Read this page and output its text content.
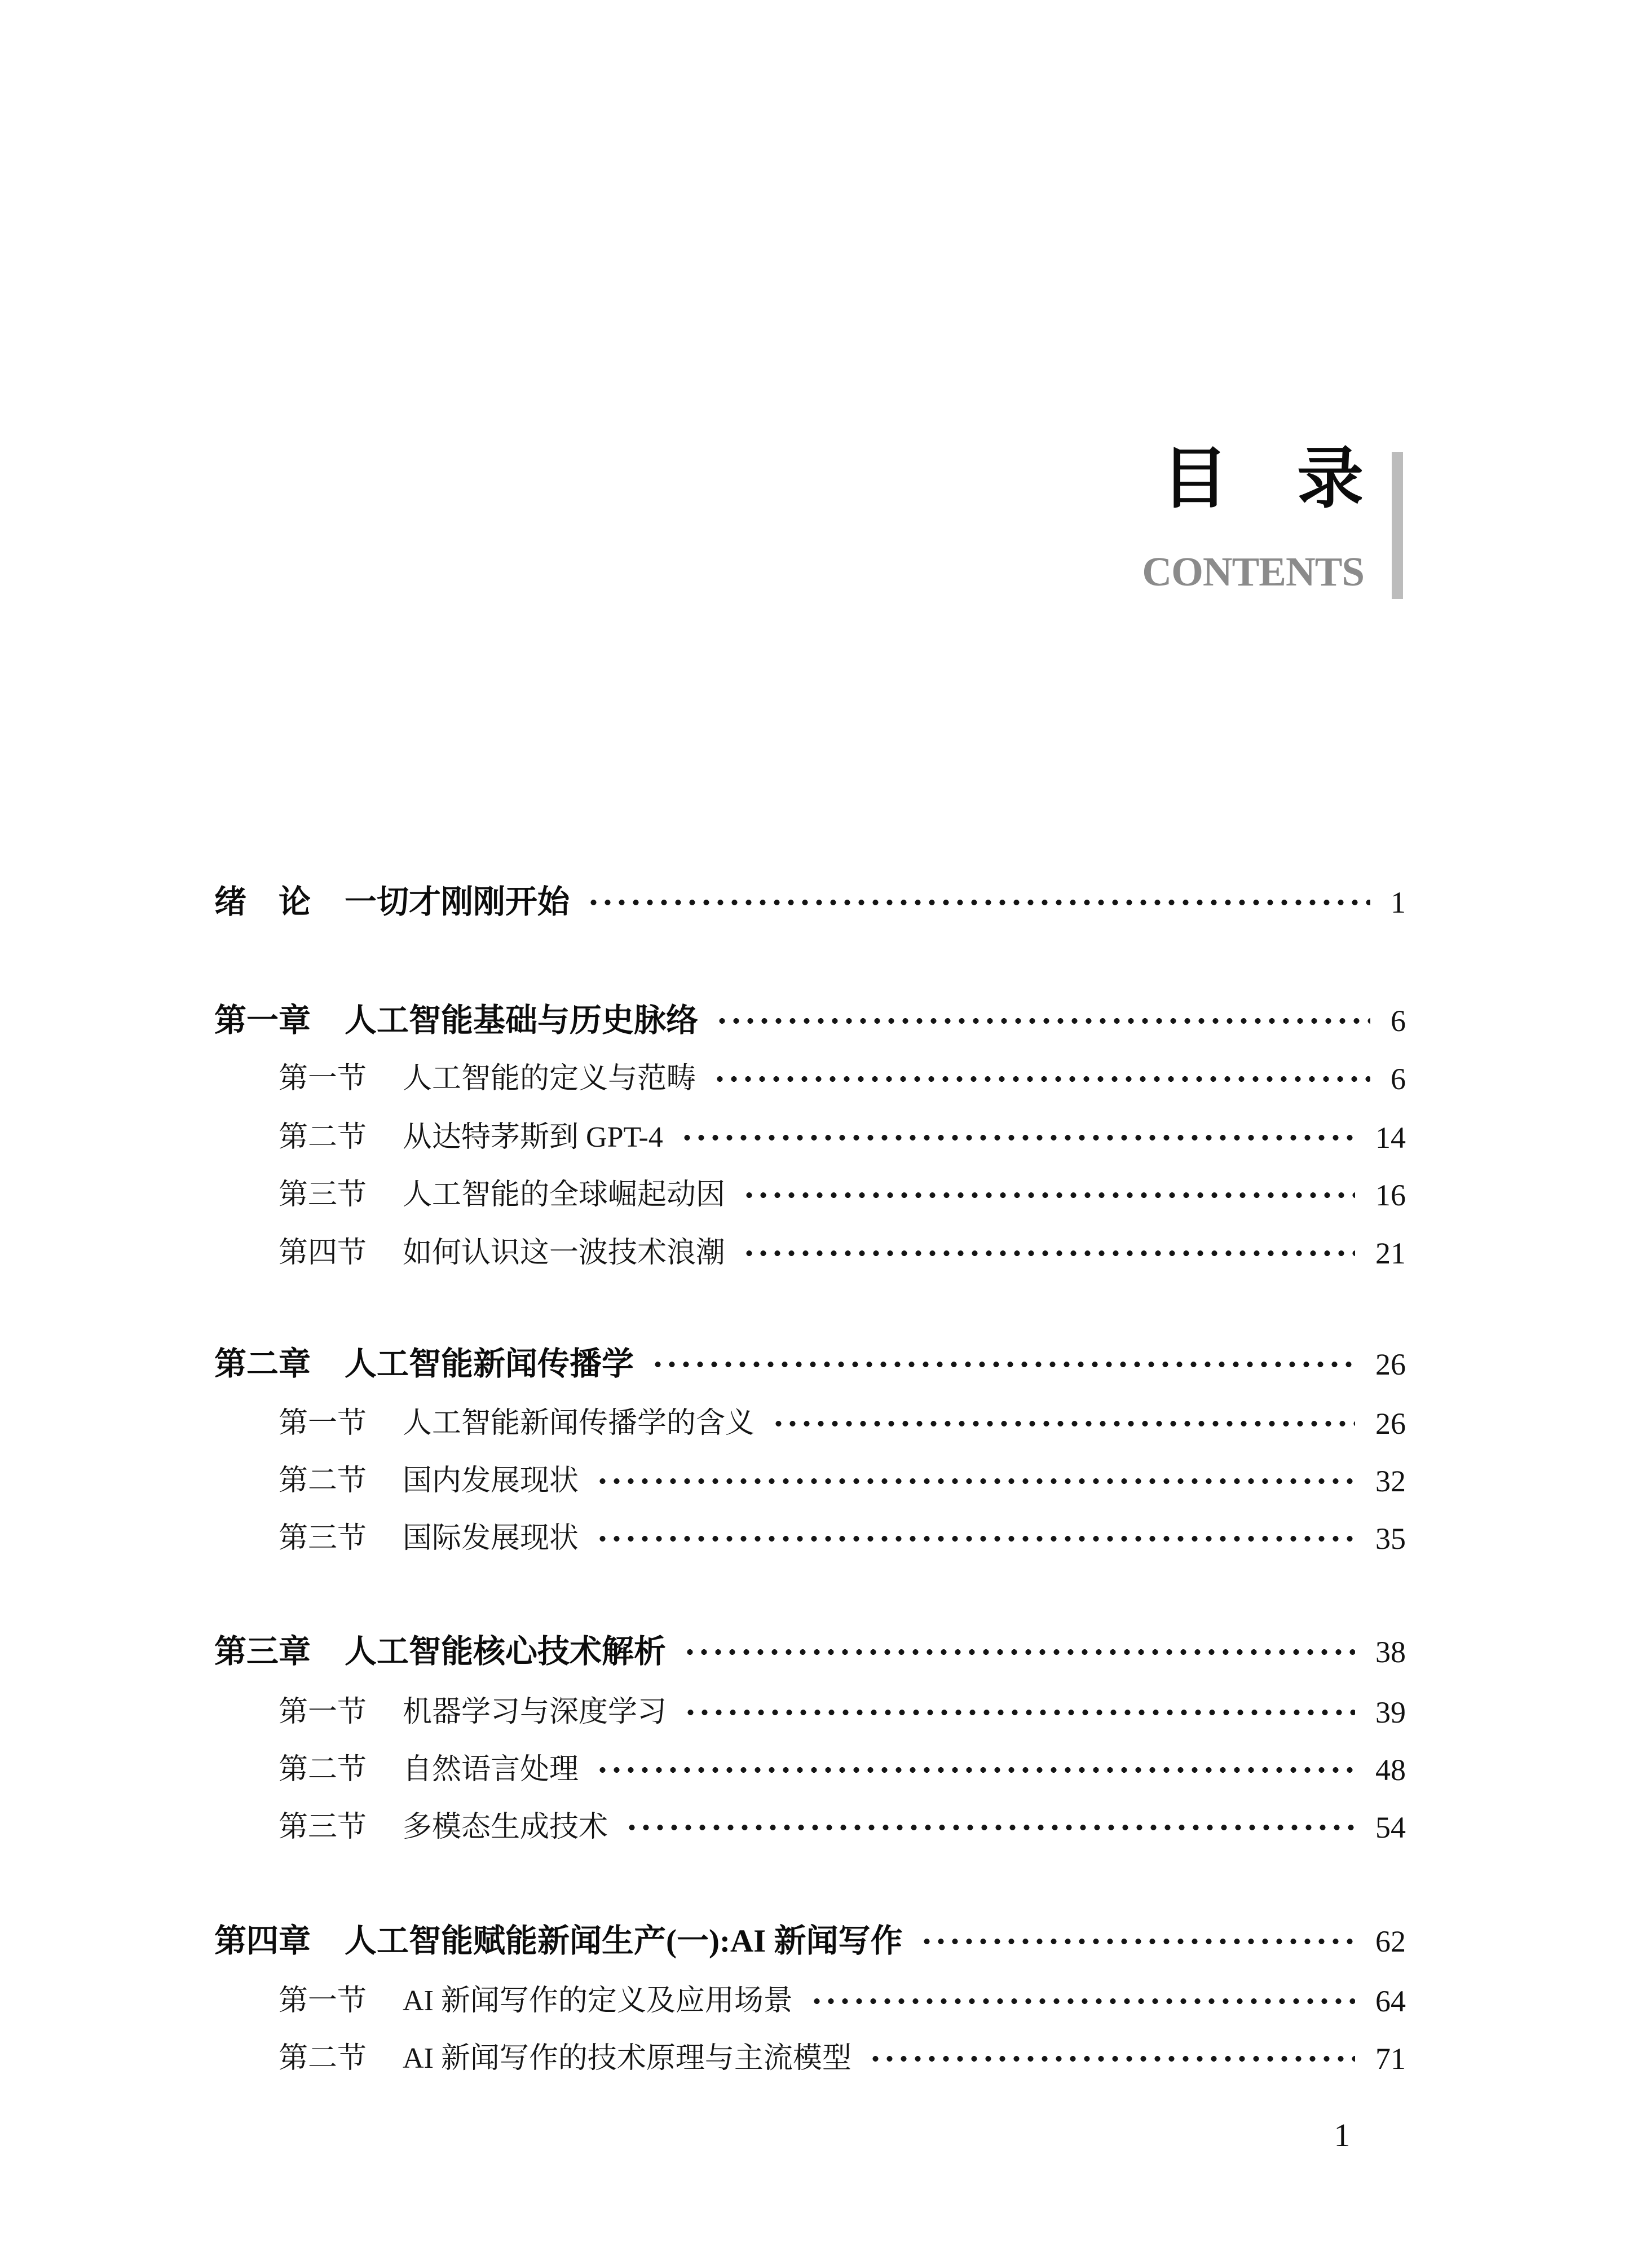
目 录
CONTENTS
绪　论 一切才刚刚开始	1
第一章 人工智能基础与历史脉络	6
第一节 人工智能的定义与范畴	6
第二节 从达特茅斯到 GPT-4	14
第三节 人工智能的全球崛起动因	16
第四节 如何认识这一波技术浪潮	21
第二章 人工智能新闻传播学	26
第一节 人工智能新闻传播学的含义	26
第二节 国内发展现状	32
第三节 国际发展现状	35
第三章 人工智能核心技术解析	38
第一节 机器学习与深度学习	39
第二节 自然语言处理	48
第三节 多模态生成技术	54
第四章 人工智能赋能新闻生产(一):AI 新闻写作	62
第一节 AI 新闻写作的定义及应用场景	64
第二节 AI 新闻写作的技术原理与主流模型	71
1
